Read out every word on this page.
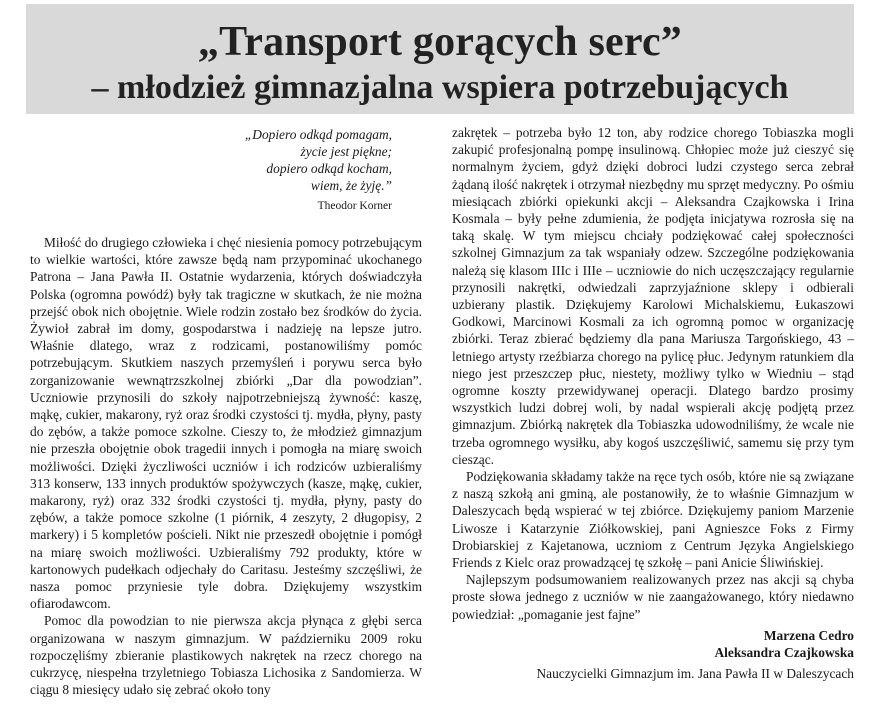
„Transport gorących serc”
– młodzież gimnazjalna wspiera potrzebujących
„Dopiero odkąd pomagam,
życie jest piękne;
dopiero odkąd kocham,
wiem, że żyję.”
Theodor Korner

Miłość do drugiego człowieka i chęć niesienia pomocy potrzebującym to wielkie wartości, które zawsze będą nam przypominać ukochanego Patrona – Jana Pawła II. Ostatnie wydarzenia, których doświadczyła Polska (ogromna powódź) były tak tragiczne w skutkach, że nie można przejść obok nich obojętnie. Wiele rodzin zostało bez środków do życia. Żywioł zabrał im domy, gospodarstwa i nadzieję na lepsze jutro. Właśnie dlatego, wraz z rodzicami, postanowiliśmy pomóc potrzebującym. Skutkiem naszych przemyśleń i porywu serca było zorganizowanie wewnątrzszkolnej zbiórki „Dar dla powodzian”. Uczniowie przynosili do szkoły najpotrzebniejszą żywność: kaszę, mąkę, cukier, makarony, ryż oraz środki czystości tj. mydła, płyny, pasty do zębów, a także pomoce szkolne. Cieszy to, że młodzież gimnazjum nie przeszła obojętnie obok tragedii innych i pomogła na miarę swoich możliwości. Dzięki życzliwości uczniów i ich rodziców uzbieraliśmy 313 konserw, 133 innych produktów spożywczych (kasze, mąkę, cukier, makarony, ryż) oraz 332 środki czystości tj. mydła, płyny, pasty do zębów, a także pomoce szkolne (1 piórnik, 4 zeszyty, 2 długopisy, 2 markery) i 5 kompletów pościeli. Nikt nie przeszedł obojętnie i pomógł na miarę swoich możliwości. Uzbieraliśmy 792 produkty, które w kartonowych pudełkach odjechały do Caritasu. Jesteśmy szczęśliwi, że nasza pomoc przyniesie tyle dobra. Dziękujemy wszystkim ofiarodawcom.

Pomoc dla powodzian to nie pierwsza akcja płynąca z głębi serca organizowana w naszym gimnazjum. W październiku 2009 roku rozpoczęliśmy zbieranie plastikowych nakrętek na rzecz chorego na cukrzycę, niespełna trzyletniego Tobiasza Lichosika z Sandomierza. W ciągu 8 miesięcy udało się zebrać około tony

zakrętek – potrzeba było 12 ton, aby rodzice chorego Tobiaszka mogli zakupić profesjonalną pompę insulinową. Chłopiec może już cieszyć się normalnym życiem, gdyż dzięki dobroci ludzi czystego serca zebrał żądaną ilość nakrętek i otrzymał niezbędny mu sprzęt medyczny. Po ośmiu miesiącach zbiórki opiekunki akcji – Aleksandra Czajkowska i Irina Kosmala – były pełne zdumienia, że podjęta inicjatywa rozrosła się na taką skalę. W tym miejscu chciały podziękować całej społeczności szkolnej Gimnazjum za tak wspaniały odzew. Szczególne podziękowania należą się klasom IIIc i IIIe – uczniowie do nich uczęszczający regularnie przynosili nakrętki, odwiedzali zaprzyjaźnione sklepy i odbierali uzbierany plastik. Dziękujemy Karolowi Michalskiemu, Łukaszowi Godkowi, Marcinowi Kosmali za ich ogromną pomoc w organizację zbiórki. Teraz zbierać będziemy dla pana Mariusza Targońskiego, 43 – letniego artysty rzeźbiarza chorego na pylicę płuc. Jedynym ratunkiem dla niego jest przeszczep płuc, niestety, możliwy tylko w Wiedniu – stąd ogromne koszty przewidywanej operacji. Dlatego bardzo prosimy wszystkich ludzi dobrej woli, by nadal wspierali akcję podjętą przez gimnazjum. Zbiórką nakrętek dla Tobiaszka udowodniliśmy, że wcale nie trzeba ogromnego wysiłku, aby kogoś uszczęśliwić, samemu się przy tym ciesząc.

Podziękowania składamy także na ręce tych osób, które nie są związane z naszą szkołą ani gminą, ale postanowiły, że to właśnie Gimnazjum w Daleszycach będą wspierać w tej zbiórce. Dziękujemy paniom Marzenie Liwosze i Katarzynie Ziółkowskiej, pani Agnieszce Foks z Firmy Drobiarskiej z Kajetanowa, uczniom z Centrum Języka Angielskiego Friends z Kielc oraz prowadzącej tę szkołę – pani Anicie Śliwińskiej.

Najlepszym podsumowaniem realizowanych przez nas akcji są chyba proste słowa jednego z uczniów w nie zaangażowanego, który niedawno powiedział: „pomaganie jest fajne”

Marzena Cedro
Aleksandra Czajkowska
Nauczycielki Gimnazjum im. Jana Pawła II w Daleszycach
